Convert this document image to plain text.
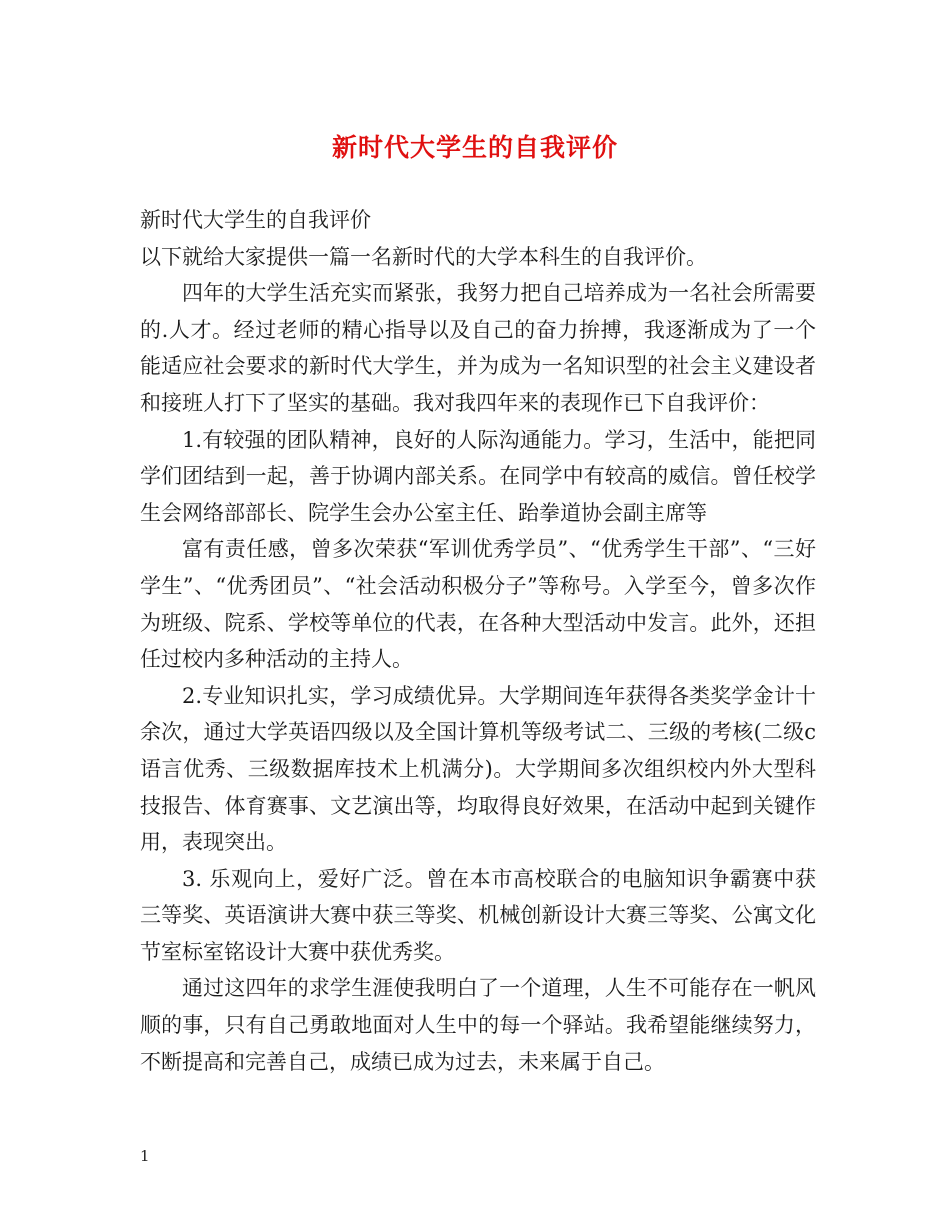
新时代大学生的自我评价

新时代大学生的自我评价

以下就给大家提供一篇一名新时代的大学本科生的自我评价。

四年的大学生活充实而紧张，我努力把自己培养成为一名社会所需要的.人才。经过老师的精心指导以及自己的奋力拚搏，我逐渐成为了一个能适应社会要求的新时代大学生，并为成为一名知识型的社会主义建设者和接班人打下了坚实的基础。我对我四年来的表现作已下自我评价：

1.有较强的团队精神，良好的人际沟通能力。学习，生活中，能把同学们团结到一起，善于协调内部关系。在同学中有较高的威信。曾任校学生会网络部部长、院学生会办公室主任、跆拳道协会副主席等

富有责任感，曾多次荣获“军训优秀学员”、“优秀学生干部”、“三好学生”、“优秀团员”、“社会活动积极分子”等称号。入学至今，曾多次作为班级、院系、学校等单位的代表，在各种大型活动中发言。此外，还担任过校内多种活动的主持人。

2.专业知识扎实，学习成绩优异。大学期间连年获得各类奖学金计十余次，通过大学英语四级以及全国计算机等级考试二、三级的考核(二级c语言优秀、三级数据库技术上机满分)。大学期间多次组织校内外大型科技报告、体育赛事、文艺演出等，均取得良好效果，在活动中起到关键作用，表现突出。

3. 乐观向上，爱好广泛。曾在本市高校联合的电脑知识争霸赛中获三等奖、英语演讲大赛中获三等奖、机械创新设计大赛三等奖、公寓文化节室标室铭设计大赛中获优秀奖。

通过这四年的求学生涯使我明白了一个道理，人生不可能存在一帆风顺的事，只有自己勇敢地面对人生中的每一个驿站。我希望能继续努力，不断提高和完善自己，成绩已成为过去，未来属于自己。

1
